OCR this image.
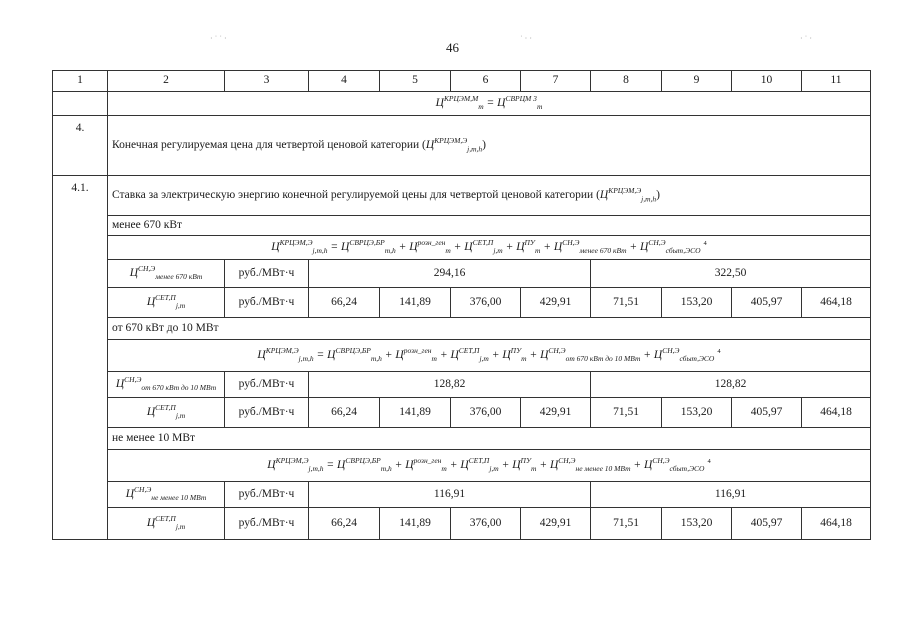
· ˙ ˙ ·	˙ · ·	· ˙ ·
46
1	2	3	4	5	6	7	8	9	10	11
	$Ц^{КРЦЭМ,М}_m = Ц^{СВРЦМ 3}_m$
4.	Конечная регулируемая цена для четвертой ценовой категории $(Ц^{КРЦЭМ,Э}_{j,m,h})$									
4.1.	Ставка за электрическую энергию конечной регулируемой цены для четвертой ценовой категории $(Ц^{КРЦЭМ,Э}_{j,m,h})$									
	менее 670 кВт									
	$Ц^{КРЦЭМ,Э}_{j,m,h} = Ц^{СВРЦЭ,БР}_{m,h} + Ц^{розн\_ген}_m + Ц^{СЕТ,П}_{j,m} + Ц^{ПУ}_m + Ц^{СН,Э}_{менее 670 кВт} + Ц^{СН,Э}_{сбыт,ЭСО}^4$
	$Ц^{СН,Э}_{менее 670 кВт}$	руб./МВт·ч	294,16				322,50			
	$Ц^{СЕТ,П}_{j,m}$	руб./МВт·ч	66,24	141,89	376,00	429,91	71,51	153,20	405,97	464,18
	от 670 кВт до 10 МВт									
	$Ц^{КРЦЭМ,Э}_{j,m,h} = Ц^{СВРЦЭ,БР}_{m,h} + Ц^{розн\_ген}_m + Ц^{СЕТ,П}_{j,m} + Ц^{ПУ}_m + Ц^{СН,Э}_{от 670 кВт до 10 МВт} + Ц^{СН,Э}_{сбыт,ЭСО}^4$
	$Ц^{СН,Э}_{от 670 кВт до 10 МВт}$	руб./МВт·ч	128,82				128,82			
	$Ц^{СЕТ,П}_{j,m}$	руб./МВт·ч	66,24	141,89	376,00	429,91	71,51	153,20	405,97	464,18
	не менее 10 МВт									
	$Ц^{КРЦЭМ,Э}_{j,m,h} = Ц^{СВРЦЭ,БР}_{m,h} + Ц^{розн\_ген}_m + Ц^{СЕТ,П}_{j,m} + Ц^{ПУ}_m + Ц^{СН,Э}_{не менее 10 МВт} + Ц^{СН,Э}_{сбыт,ЭСО}^4$
	$Ц^{СН,Э}_{не менее 10 МВт}$	руб./МВт·ч	116,91				116,91			
	$Ц^{СЕТ,П}_{j,m}$	руб./МВт·ч	66,24	141,89	376,00	429,91	71,51	153,20	405,97	464,18
